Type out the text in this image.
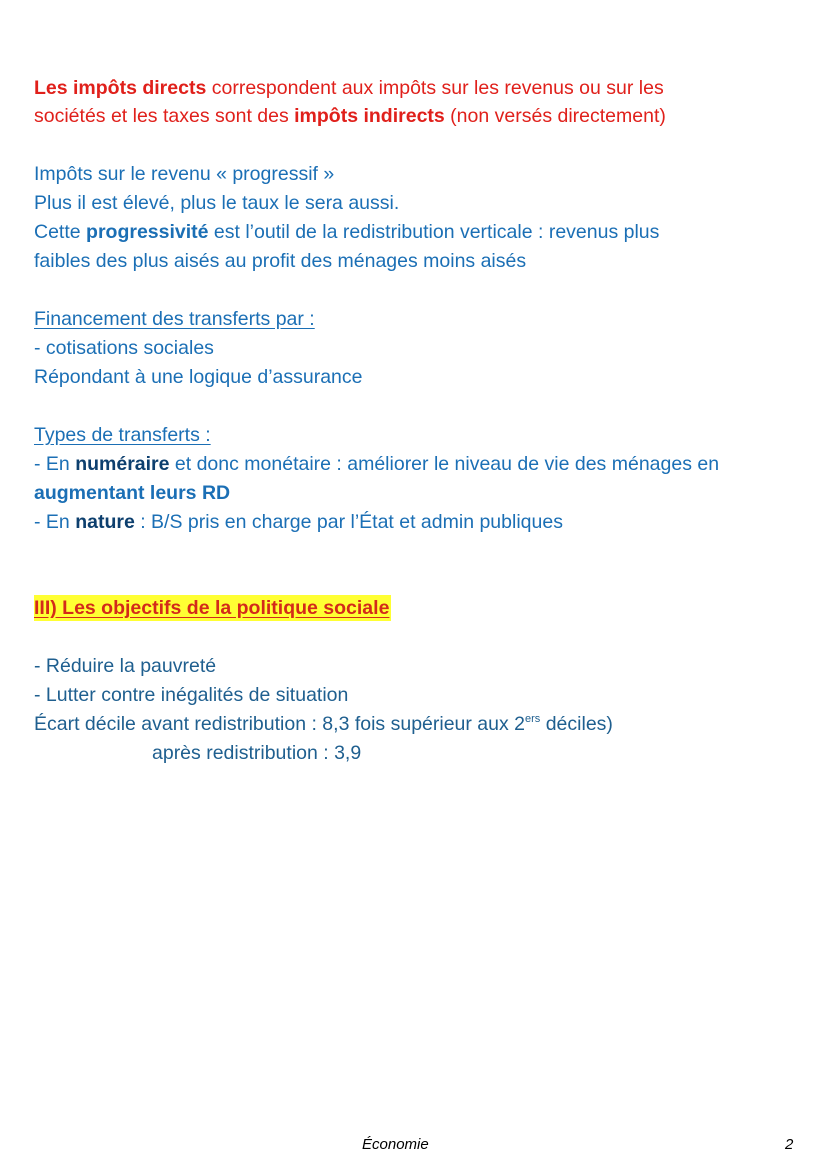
Les impôts directs correspondent aux impôts sur les revenus ou sur les
sociétés et les taxes sont des impôts indirects (non versés directement)
Impôts sur le revenu « progressif »
Plus il est élevé, plus le taux le sera aussi.
Cette progressivité est l’outil de la redistribution verticale : revenus plus
faibles des plus aisés au profit des ménages moins aisés
Financement des transferts par :
- cotisations sociales
Répondant à une logique d’assurance
Types de transferts :
- En numéraire et donc monétaire : améliorer le niveau de vie des ménages en
augmentant leurs RD
- En nature : B/S pris en charge par l’État et admin publiques
III) Les objectifs de la politique sociale
- Réduire la pauvreté
- Lutter contre inégalités de situation
Écart décile avant redistribution : 8,3 fois supérieur aux 2ers déciles)
après redistribution : 3,9
Économie	2
